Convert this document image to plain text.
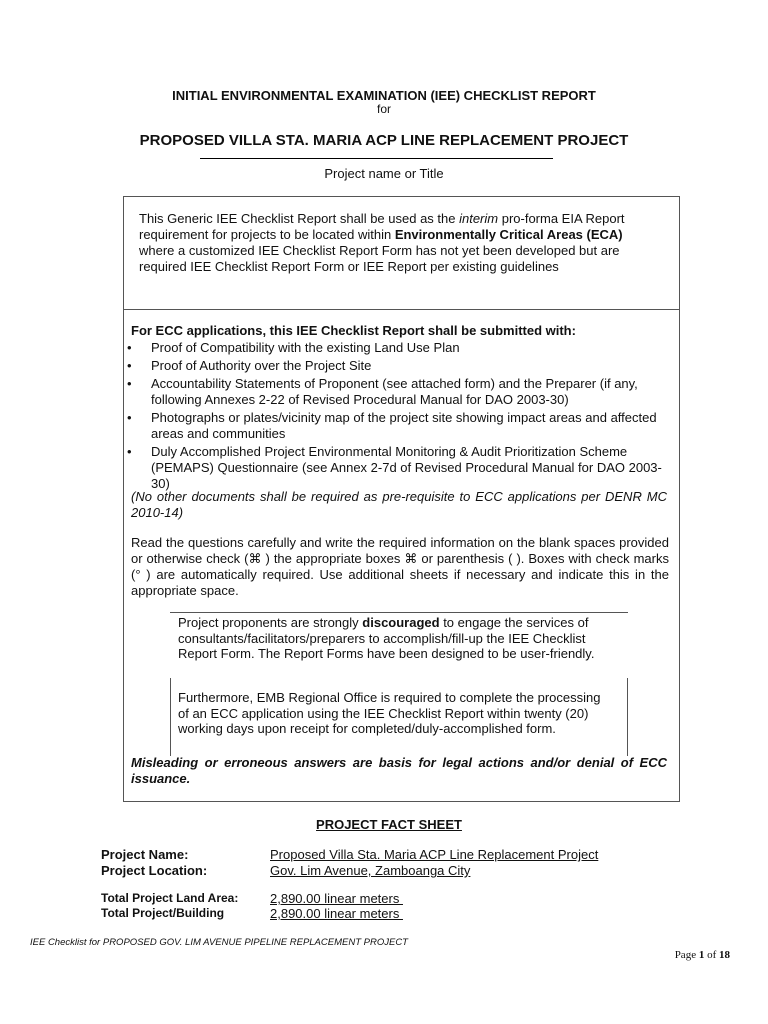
INITIAL ENVIRONMENTAL EXAMINATION (IEE) CHECKLIST REPORT
for
PROPOSED VILLA STA. MARIA ACP LINE REPLACEMENT PROJECT
Project name or Title
This Generic IEE Checklist Report shall be used as the interim pro-forma EIA Report requirement for projects to be located within Environmentally Critical Areas (ECA) where a customized IEE Checklist Report Form has not yet been developed but are required IEE Checklist Report Form or IEE Report per existing guidelines
For ECC applications, this IEE Checklist Report shall be submitted with:
• Proof of Compatibility with the existing Land Use Plan
• Proof of Authority over the Project Site
• Accountability Statements of Proponent (see attached form) and the Preparer (if any, following Annexes 2-22 of Revised Procedural Manual for DAO 2003-30)
• Photographs or plates/vicinity map of the project site showing impact areas and affected areas and communities
• Duly Accomplished Project Environmental Monitoring & Audit Prioritization Scheme (PEMAPS) Questionnaire (see Annex 2-7d of Revised Procedural Manual for DAO 2003-30)
(No other documents shall be required as pre-requisite to ECC applications per DENR MC 2010-14)
Read the questions carefully and write the required information on the blank spaces provided or otherwise check (⌘ ) the appropriate boxes ⌘ or parenthesis ( ). Boxes with check marks (° ) are automatically required. Use additional sheets if necessary and indicate this in the appropriate space.
Project proponents are strongly discouraged to engage the services of consultants/facilitators/preparers to accomplish/fill-up the IEE Checklist Report Form. The Report Forms have been designed to be user-friendly.
Furthermore, EMB Regional Office is required to complete the processing of an ECC application using the IEE Checklist Report within twenty (20) working days upon receipt for completed/duly-accomplished form.
Misleading or erroneous answers are basis for legal actions and/or denial of ECC issuance.
PROJECT FACT SHEET
Project Name:	Proposed Villa Sta. Maria ACP Line Replacement Project
Project Location:	Gov. Lim Avenue, Zamboanga City
Total Project Land Area: 2,890.00 linear meters
Total Project/Building	2,890.00 linear meters
IEE Checklist for PROPOSED GOV. LIM AVENUE PIPELINE REPLACEMENT PROJECT
Page 1 of 18
